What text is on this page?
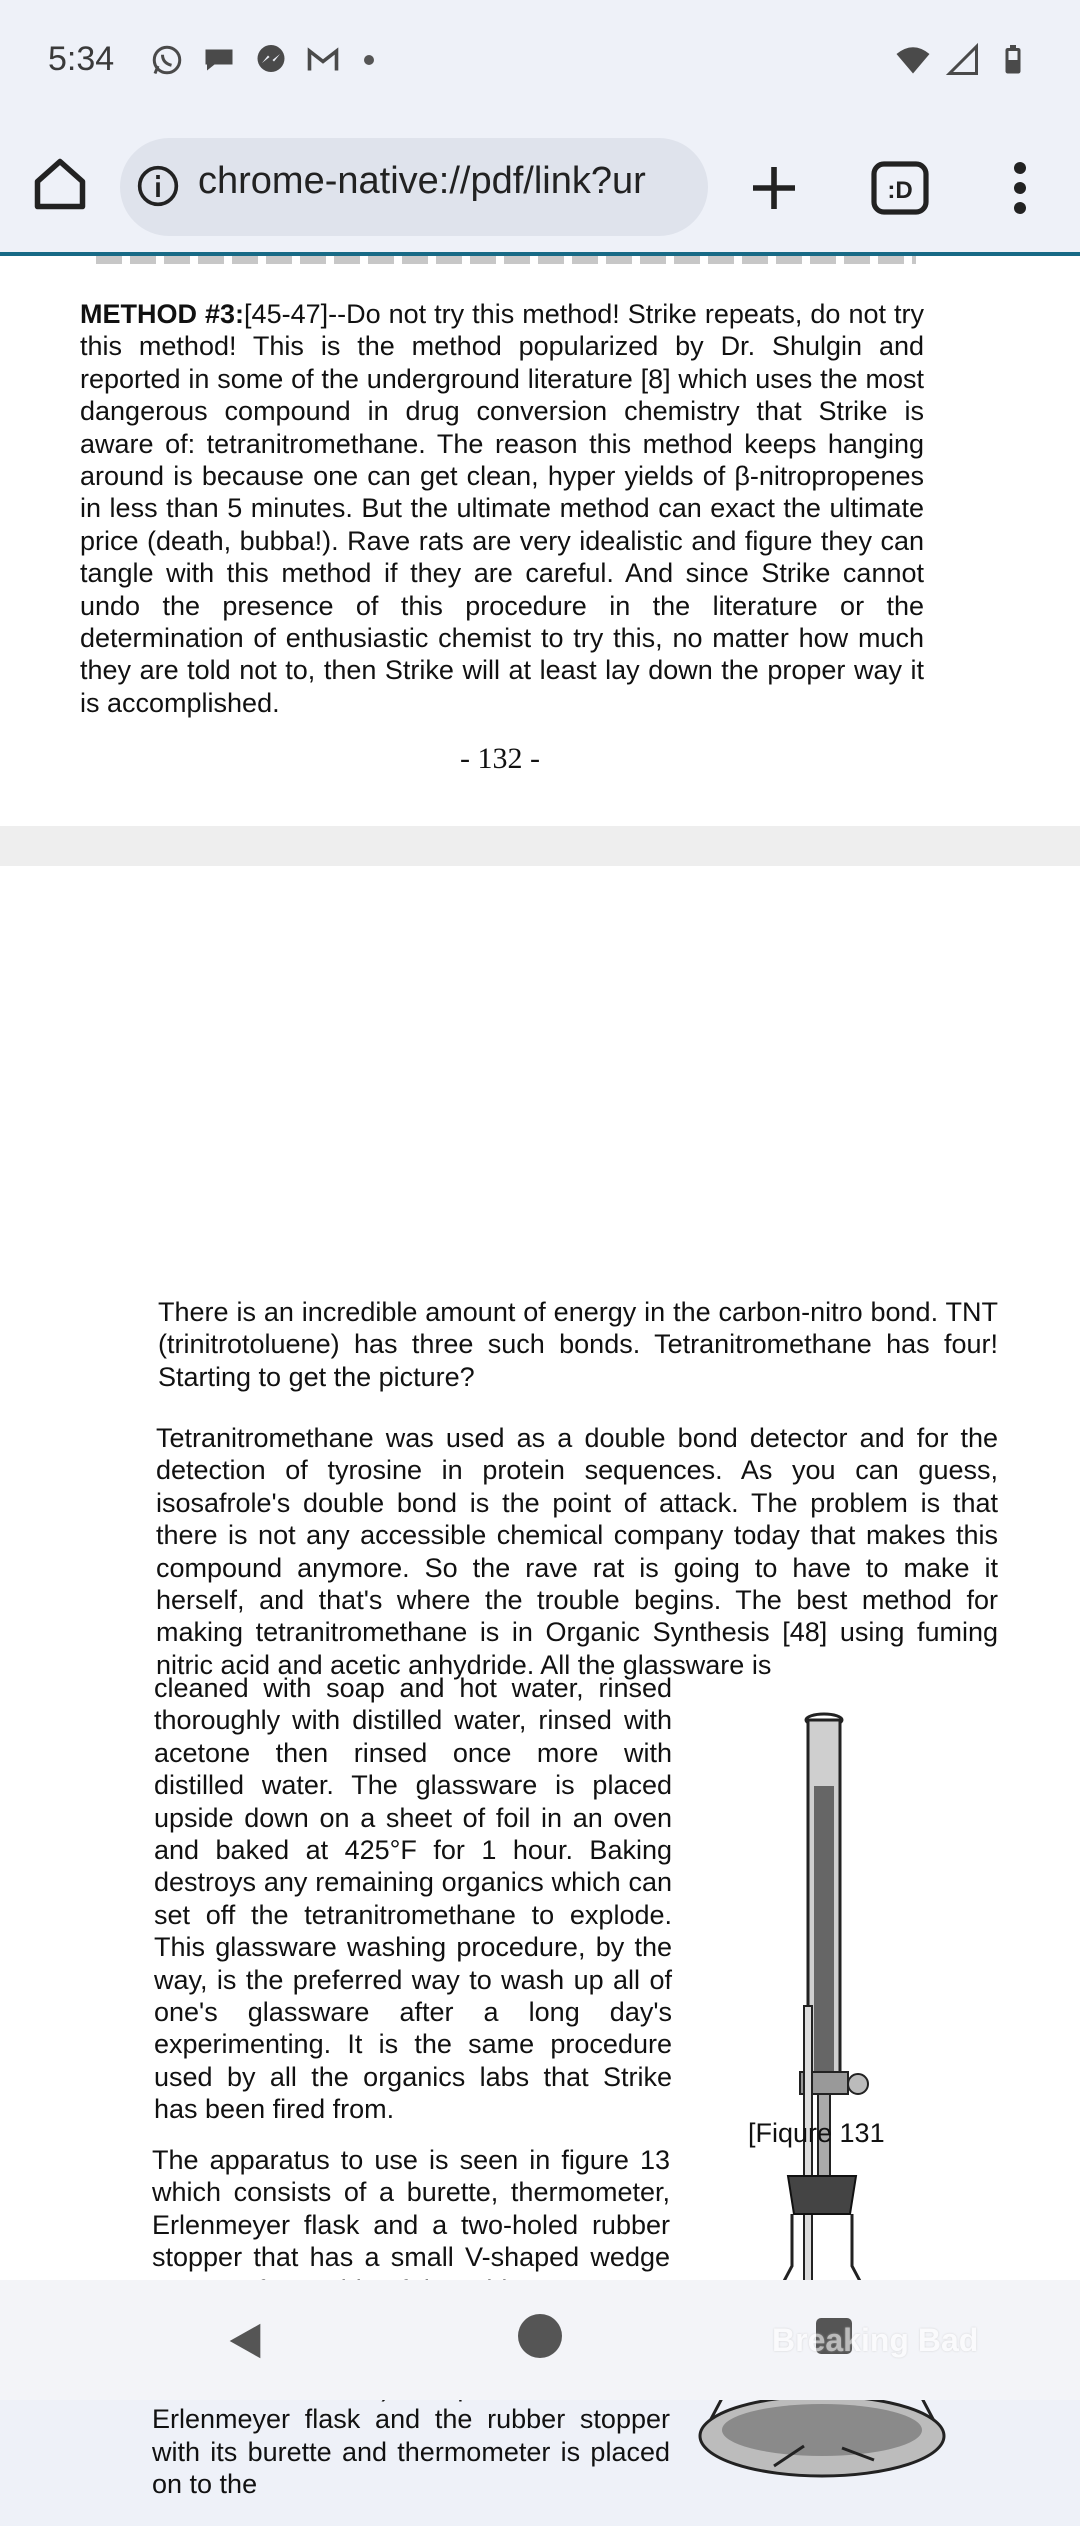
5:34
chrome-native://pdf/link?ur	:D
METHOD #3:[45-47]--Do not try this method! Strike repeats, do not try this method! This is the method popularized by Dr. Shulgin and reported in some of the underground literature [8] which uses the most dangerous compound in drug conversion chemistry that Strike is aware of: tetranitromethane. The reason this method keeps hanging around is because one can get clean, hyper yields of β-nitropropenes in less than 5 minutes. But the ultimate method can exact the ultimate price (death, bubba!). Rave rats are very idealistic and figure they can tangle with this method if they are careful. And since Strike cannot undo the presence of this procedure in the literature or the determination of enthusiastic chemist to try this, no matter how much they are told not to, then Strike will at least lay down the proper way it is accomplished.
- 132 -
There is an incredible amount of energy in the carbon-nitro bond. TNT (trinitrotoluene) has three such bonds. Tetranitromethane has four! Starting to get the picture?
Tetranitromethane was used as a double bond detector and for the detection of tyrosine in protein sequences. As you can guess, isosafrole's double bond is the point of attack. The problem is that there is not any accessible chemical company today that makes this compound anymore. So the rave rat is going to have to make it herself, and that's where the trouble begins. The best method for making tetranitromethane is in Organic Synthesis [48] using fuming nitric acid and acetic anhydride. All the glassware is
cleaned with soap and hot water, rinsed thoroughly with distilled water, rinsed with acetone then rinsed once more with distilled water. The glassware is placed upside down on a sheet of foil in an oven and baked at 425°F for 1 hour. Baking destroys any remaining organics which can set off the tetranitromethane to explode. This glassware washing procedure, by the way, is the preferred way to wash up all of one's glassware after a long day's experimenting. It is the same procedure used by all the organics labs that Strike has been fired from.
The apparatus to use is seen in figure 13 which consists of a burette, thermometer, Erlenmeyer flask and a two-holed rubber stopper that has a small V-shaped wedge Erlenmeyer flask and the rubber stopper with its burette and thermometer is placed on to the
[Fiqure 131
Breaking Bad
